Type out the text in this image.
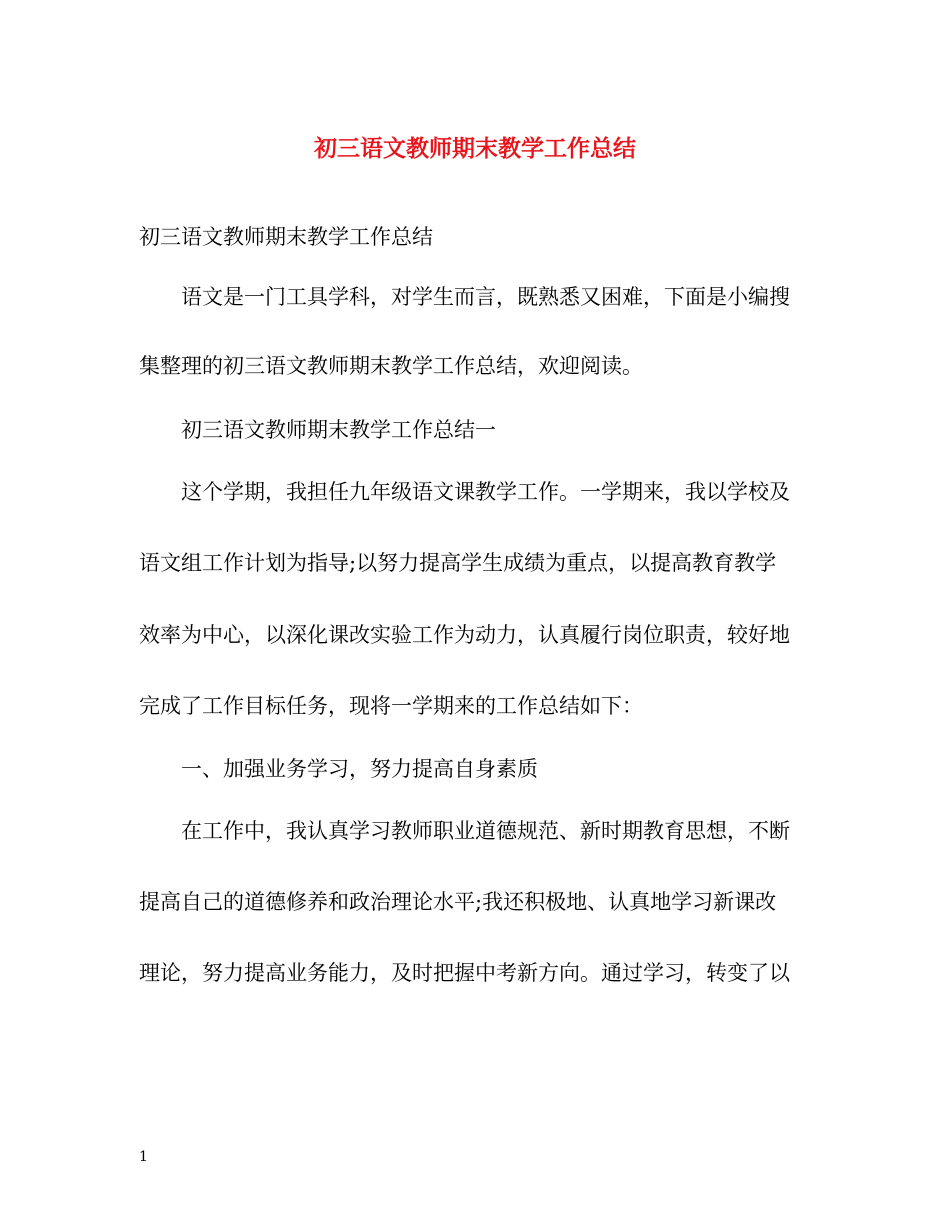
初三语文教师期末教学工作总结
初三语文教师期末教学工作总结
语文是一门工具学科，对学生而言，既熟悉又困难，下面是小编搜
集整理的初三语文教师期末教学工作总结，欢迎阅读。
初三语文教师期末教学工作总结一
这个学期，我担任九年级语文课教学工作。一学期来，我以学校及
语文组工作计划为指导;以努力提高学生成绩为重点，以提高教育教学
效率为中心，以深化课改实验工作为动力，认真履行岗位职责，较好地
完成了工作目标任务，现将一学期来的工作总结如下：
一、加强业务学习，努力提高自身素质
在工作中，我认真学习教师职业道德规范、新时期教育思想，不断
提高自己的道德修养和政治理论水平;我还积极地、认真地学习新课改
理论，努力提高业务能力，及时把握中考新方向。通过学习，转变了以
1
